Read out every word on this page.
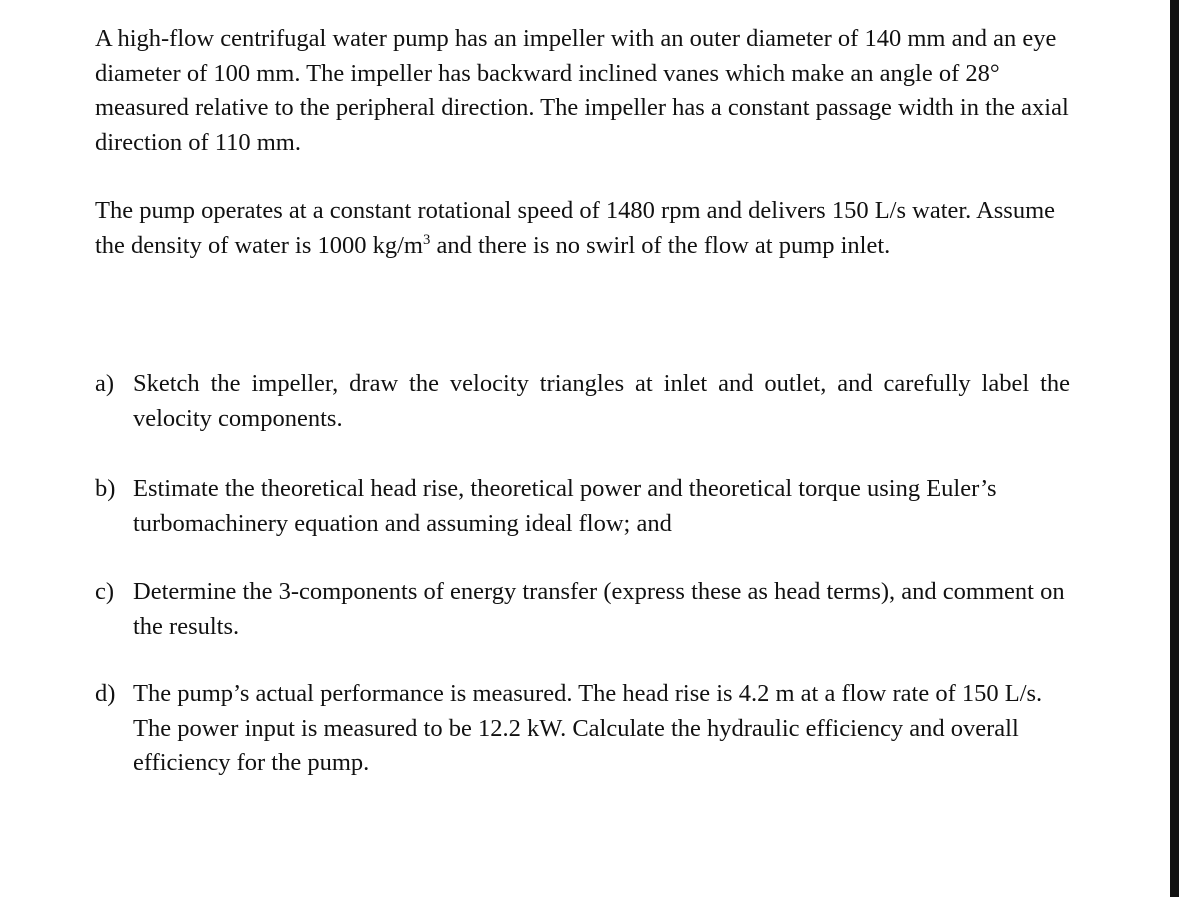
A high-flow centrifugal water pump has an impeller with an outer diameter of 140 mm and an eye diameter of 100 mm. The impeller has backward inclined vanes which make an angle of 28° measured relative to the peripheral direction. The impeller has a constant passage width in the axial direction of 110 mm.

The pump operates at a constant rotational speed of 1480 rpm and delivers 150 L/s water. Assume the density of water is 1000 $kg/m^3$ and there is no swirl of the flow at pump inlet.

a) Sketch the impeller, draw the velocity triangles at inlet and outlet, and carefully label the velocity components.
b) Estimate the theoretical head rise, theoretical power and theoretical torque using Euler’s turbomachinery equation and assuming ideal flow; and
c) Determine the 3-components of energy transfer (express these as head terms), and comment on the results.
d) The pump’s actual performance is measured. The head rise is 4.2 m at a flow rate of 150 L/s. The power input is measured to be 12.2 kW. Calculate the hydraulic efficiency and overall efficiency for the pump.
